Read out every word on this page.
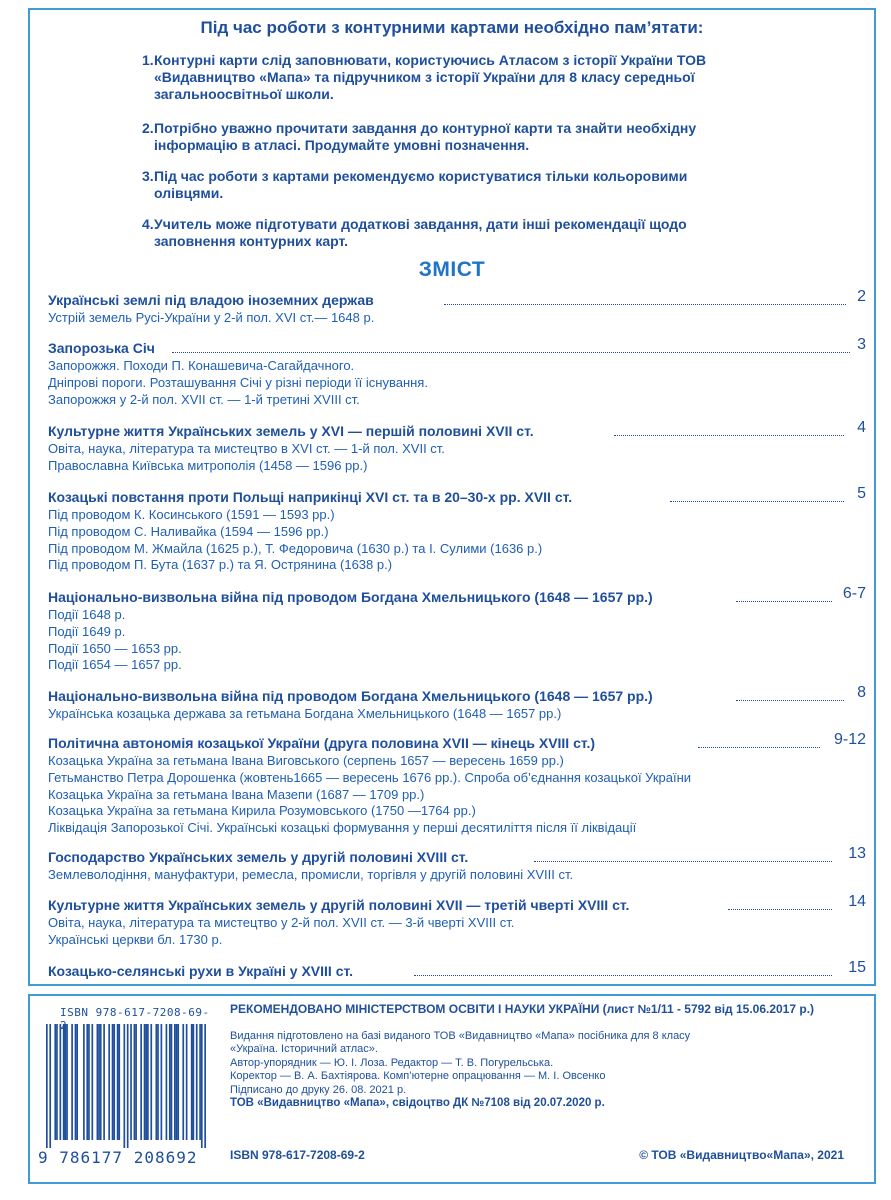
Під час роботи з контурними картами необхідно пам’ятати:
1. Контурні карти слід заповнювати, користуючись Атласом з історії України ТОВ
«Видавництво «Мапа» та підручником з історії України для 8 класу середньої
загальноосвітньої школи.
2. Потрібно уважно прочитати завдання до контурної карти та знайти необхідну
інформацію в атласі. Продумайте умовні позначення.
3. Під час роботи з картами рекомендуємо користуватися тільки кольоровими
олівцями.
4. Учитель може підготувати додаткові завдання, дати інші рекомендації щодо
заповнення контурних карт.
ЗМІСТ
Українські землі під владою іноземних держав	2
Устрій земель Русі-України у 2-й пол. XVI ст.— 1648 р.
Запорозька Січ	3
Запорожжя. Походи П. Конашевича-Сагайдачного.
Дніпрові пороги. Розташування Січі у різні періоди її існування.
Запорожжя у 2-й пол. XVII ст. — 1-й третині XVIII ст.
Культурне життя Українських земель у XVI — першій половині XVII ст.	4
Овіта, наука, література та мистецтво в XVI ст. — 1-й пол. XVII ст.
Православна Київська митрополія (1458 — 1596 рр.)
Козацькі повстання проти Польщі наприкінці XVI ст. та в 20–30-х рр. XVII ст.	5
Під проводом К. Косинського (1591 — 1593 рр.)
Під проводом С. Наливайка (1594 — 1596 рр.)
Під проводом М. Жмайла (1625 р.), Т. Федоровича (1630 р.) та І. Сулими (1636 р.)
Під проводом П. Бута (1637 р.) та Я. Острянина (1638 р.)
Національно-визвольна війна під проводом Богдана Хмельницького (1648 — 1657 рр.)	6-7
Події 1648 р.
Події 1649 р.
Події 1650 — 1653 рр.
Події 1654 — 1657 рр.
Національно-визвольна війна під проводом Богдана Хмельницького (1648 — 1657 рр.)	8
Українська козацька держава за гетьмана Богдана Хмельницького (1648 — 1657 рр.)
Політична автономія козацької України (друга половина XVII — кінець XVIII ст.)	9-12
Козацька Україна за гетьмана Івана Виговського (серпень 1657 — вересень 1659 рр.)
Гетьманство Петра Дорошенка (жовтень1665 — вересень 1676 рр.). Спроба об’єднання козацької України
Козацька Україна за гетьмана Івана Мазепи (1687 — 1709 рр.)
Козацька Україна за гетьмана Кирила Розумовського (1750 —1764 рр.)
Ліквідація Запорозької Січі. Українські козацькі формування у перші десятиліття після її ліквідації
Господарство Українських земель у другій половині XVIII ст.	13
Землеволодіння, мануфактури, ремесла, промисли, торгівля у другій половині XVIII ст.
Культурне життя Українських земель у другій половині XVII — третій чверті XVIII ст.	14
Овіта, наука, література та мистецтво у 2-й пол. XVII ст. — 3-й чверті XVIII ст.
Українські церкви бл. 1730 р.
Козацько-селянські рухи в Україні у XVIII ст.	15
ISBN 978-617-7208-69-
9 786177 208692
РЕКОМЕНДОВАНО МІНІСТЕРСТВОМ ОСВІТИ І НАУКИ УКРАЇНИ (лист №1/11 - 5792 від 15.06.2017 р.)
Видання підготовлено на базі виданого ТОВ «Видавництво «Мапа» посібника для 8 класу
«Україна. Історичний атлас».
Автор-упорядник — Ю. І. Лоза. Редактор — Т. В. Погурельська.
Коректор — В. А. Бахтіярова. Комп’ютерне опрацювання — М. І. Овсенко
Підписано до друку 26. 08. 2021 р.
ТОВ «Видавництво «Мапа», свідоцтво ДК №7108 від 20.07.2020 р.
ISBN 978-617-7208-69-2	© ТОВ «Видавництво«Мапа», 2021
